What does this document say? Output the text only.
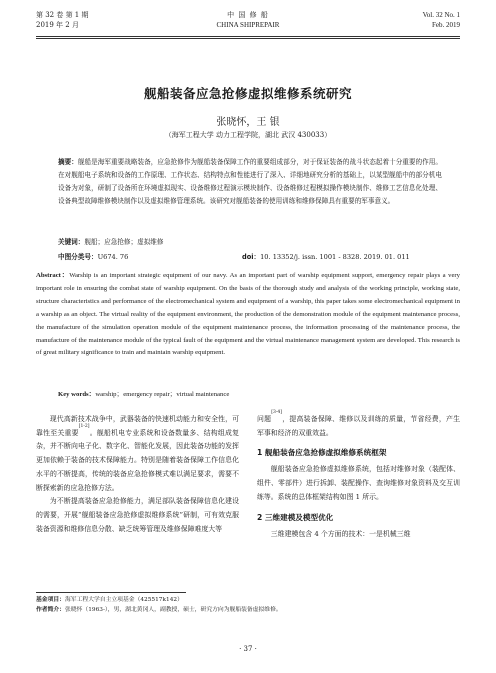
第 32 卷 第 1 期
2019 年 2 月
中 国 修 船
CHINA SHIPREPAIR
Vol. 32 No. 1
Feb. 2019
舰船装备应急抢修虚拟维修系统研究
张晓怀，王 银
（海军工程大学 动力工程学院，湖北 武汉 430033）
摘要：舰船是海军重要战略装备，应急抢修作为舰船装备保障工作的重要组成部分，对于保证装备的战斗状态起着十分重要的作用。在对舰船电子系统和设备的工作原理、工作状态、结构特点和性能进行了深入、详细地研究分析的基础上，以某型舰船中的部分机电设备为对象，研制了设备所在环境虚拟现实、设备维修过程演示模块制作、设备维修过程模拟操作模块制作、维修工艺信息化处理、设备典型故障维修模块制作以及虚拟维修管理系统。该研究对舰船装备的使用训练和维修保障具有重要的军事意义。
关键词：舰船；应急抢修；虚拟维修
中图分类号：U674. 76	doi：10. 13352/j. issn. 1001 - 8328. 2019. 01. 011
Abstract：Warship is an important strategic equipment of our navy. As an important part of warship equipment support, emergency repair plays a very important role in ensuring the combat state of warship equipment. On the basis of the thorough study and analysis of the working principle, working state, structure characteristics and performance of the electromechanical system and equipment of a warship, this paper takes some electromechanical equipment in a warship as an object. The virtual reality of the equipment environment, the production of the demonstration module of the equipment maintenance process, the manufacture of the simulation operation module of the equipment maintenance process, the information processing of the maintenance process, the manufacture of the maintenance module of the typical fault of the equipment and the virtual maintenance management system are developed. This research is of great military significance to train and maintain warship equipment.
Key words：warship；emergency repair；virtual maintenance

现代高新技术战争中，武器装备的快速机动能力和安全性，可靠性至关重要[1-2]。舰船机电专业系统和设备数量多、结构组成复杂，并不断向电子化、数字化、智能化发展，因此装备功能的发挥更加依赖于装备的技术保障能力。特别是随着装备保障工作信息化水平的不断提高，传统的装备应急抢修模式难以满足要求，需要不断探索新的应急抢修方法。

为不断提高装备应急抢修能力，满足部队装备保障信息化建设的需要，开展“舰船装备应急抢修虚拟维修系统”研制，可有效克服装备资源和维修信息分散、缺乏统筹管理及维修保障难度大等

问题[3-4]，提高装备保障、维修以及训练的质量，节省经费，产生军事和经济的双重效益。

1 舰船装备应急抢修虚拟维修系统框架

舰船装备应急抢修虚拟维修系统，包括对维修对象（装配体、组件、零部件）进行拆卸、装配操作、查询维修对象资料及交互训练等。系统的总体框架结构如图 1 所示。

2 三维建模及模型优化

三维建模包含 4 个方面的技术：一是机械三维

基金项目：海军工程大学自主立项基金（425517k142）
作者简介：张晓怀（1963-），男，湖北黄冈人，副教授，硕士，研究方向为舰船装备虚拟维修。
· 37 ·
